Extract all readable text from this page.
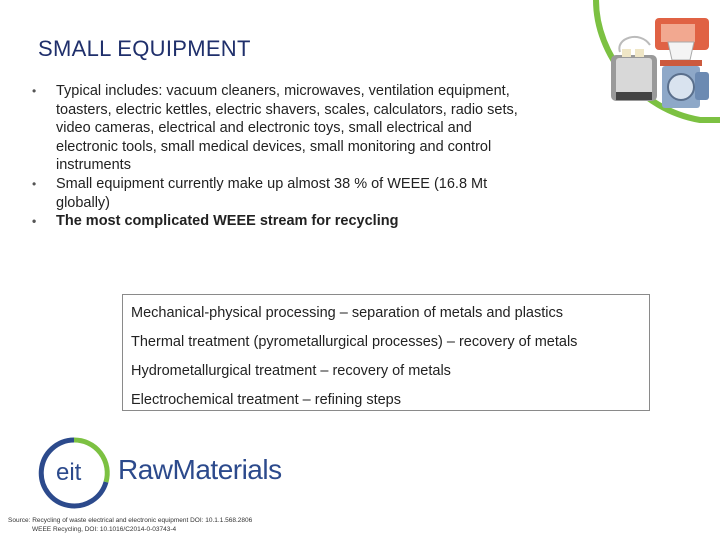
SMALL EQUIPMENT
• Typical includes: vacuum cleaners, microwaves, ventilation equipment, toasters, electric kettles, electric shavers, scales, calculators, radio sets, video cameras, electrical and electronic toys, small electrical and electronic tools, small medical devices, small monitoring and control instruments
• Small equipment currently make up almost 38 % of WEEE (16.8 Mt globally)
• The most complicated WEEE stream for recycling
Mechanical-physical processing – separation of metals and plastics
Thermal treatment (pyrometallurgical processes) – recovery of metals
Hydrometallurgical treatment – recovery of metals
Electrochemical treatment – refining steps
eit RawMaterials
Source: Recycling of waste electrical and electronic equipment DOI: 10.1.1.568.2806
WEEE Recycling, DOI: 10.1016/C2014-0-03743-4
